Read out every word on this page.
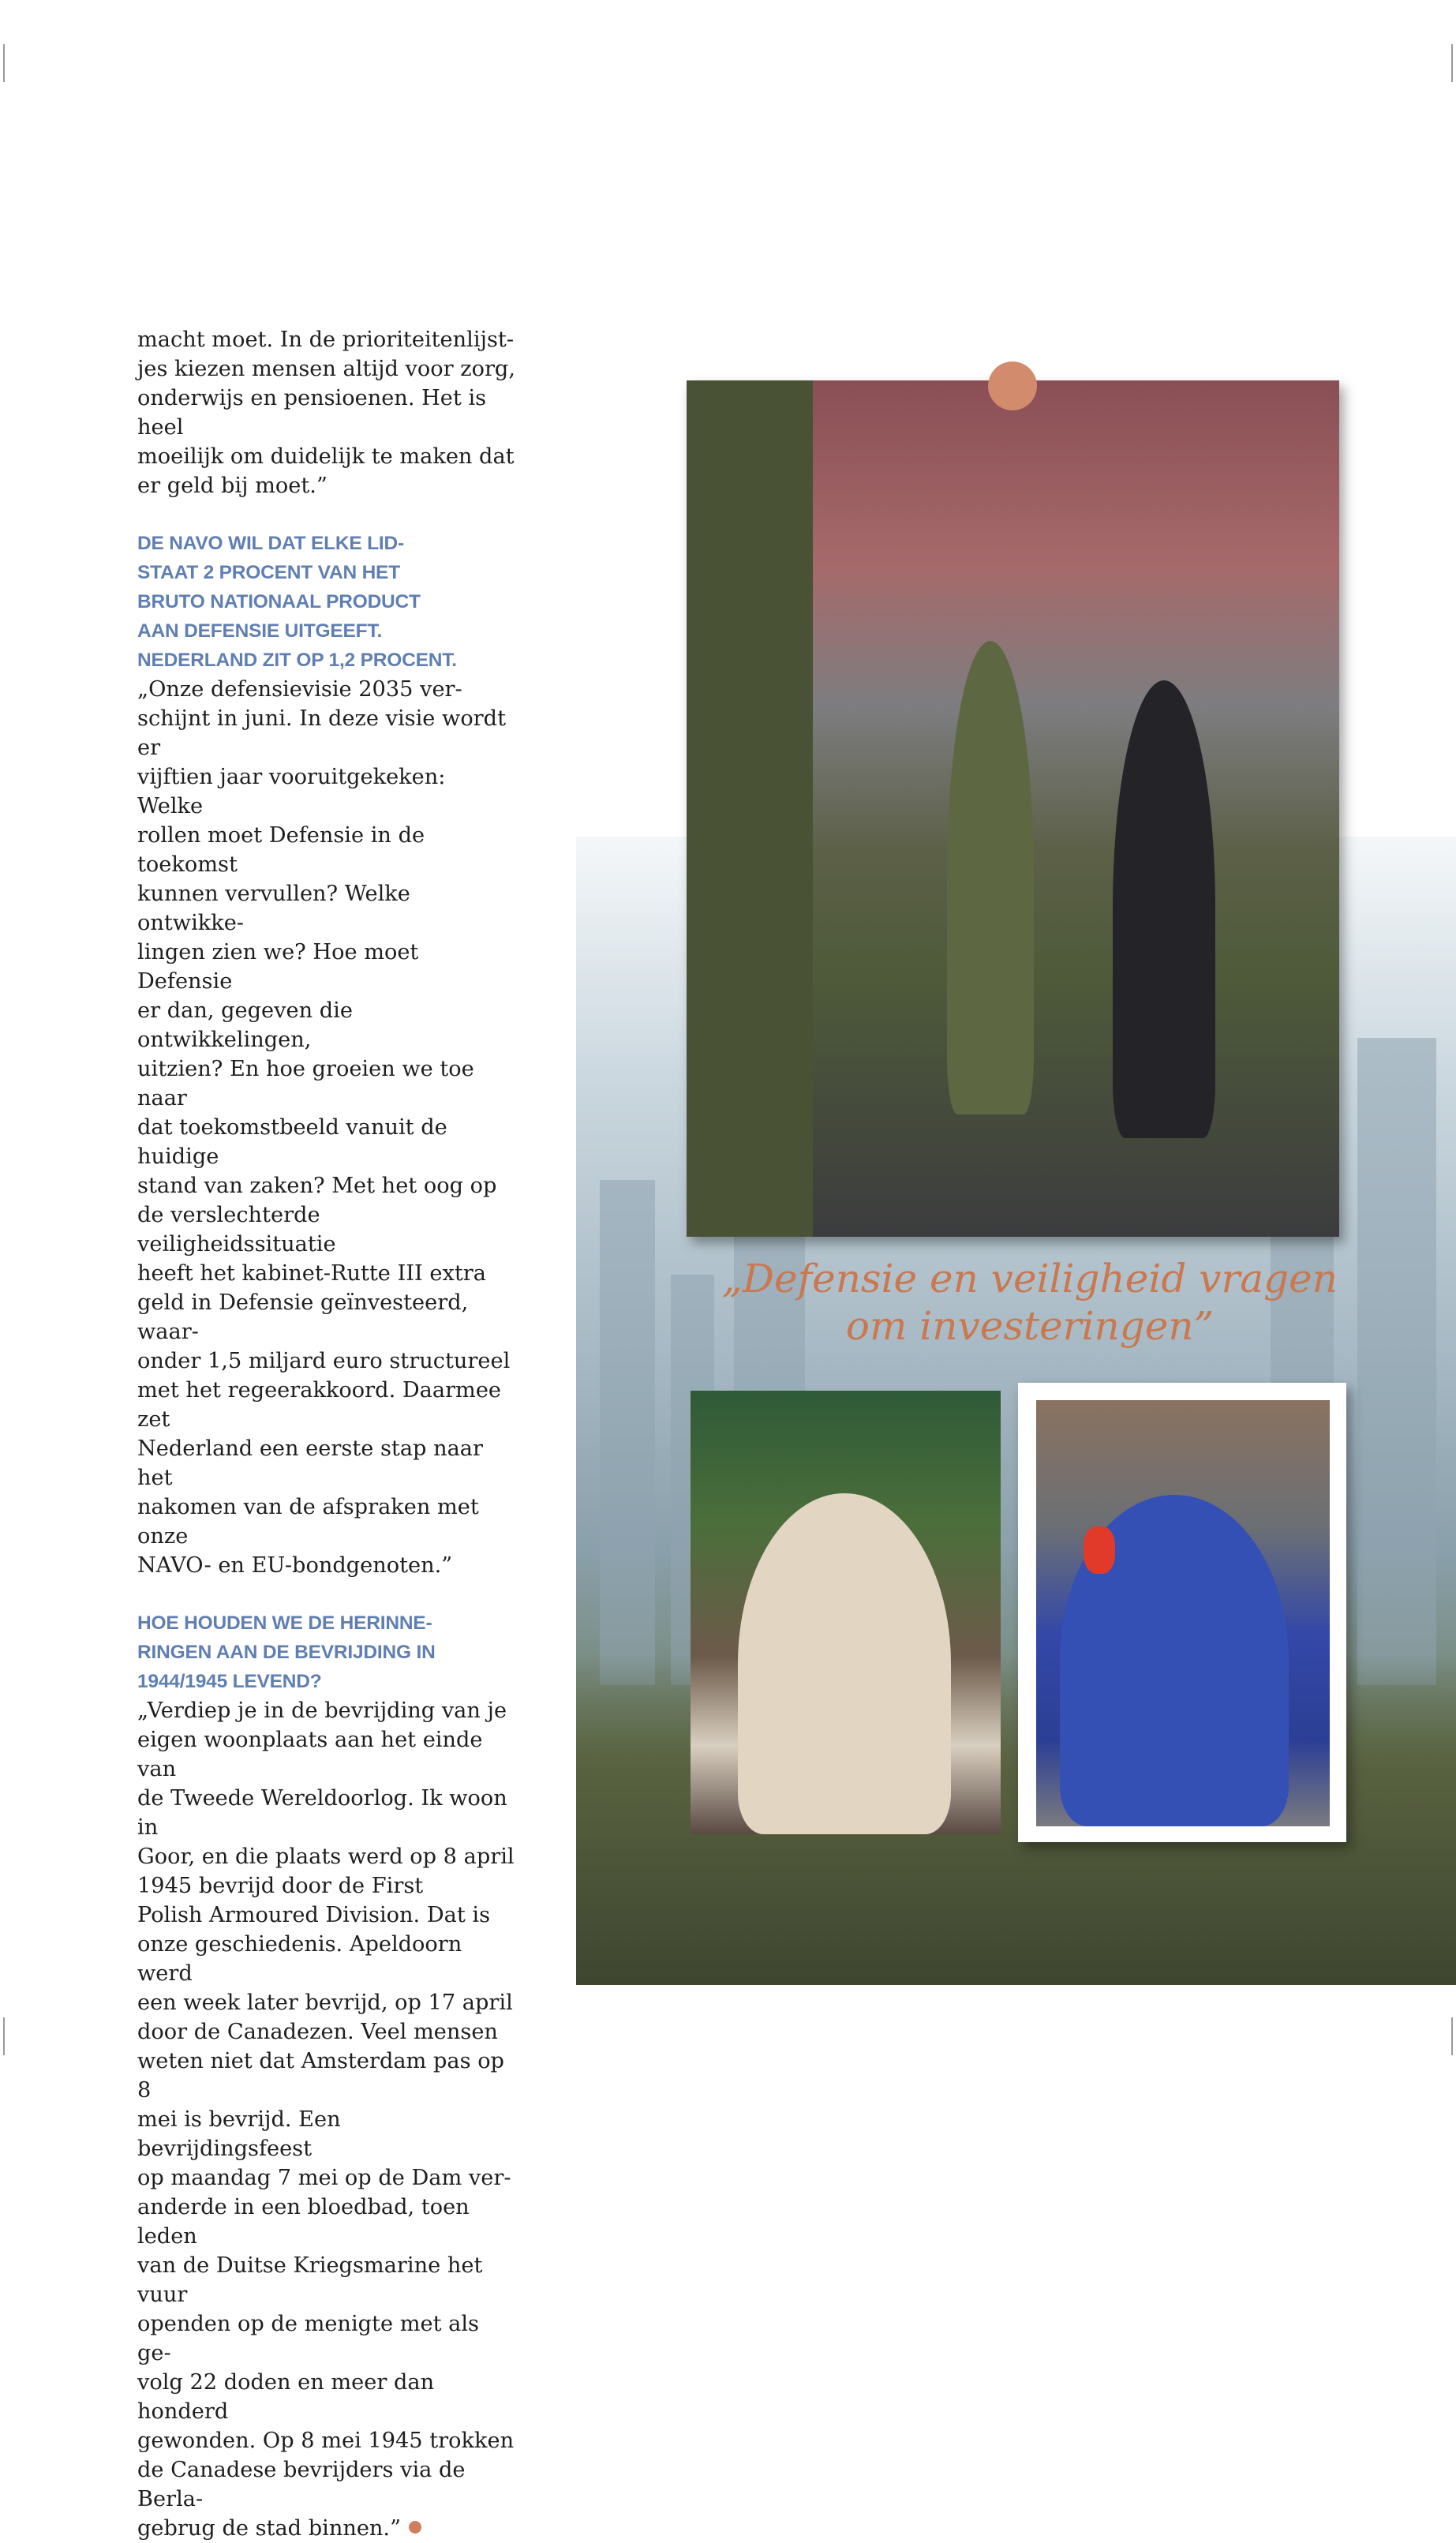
macht moet. In de prioriteitenlijst-

jes kiezen mensen altijd voor zorg,

onderwijs en pensioenen. Het is heel

moeilijk om duidelijk te maken dat

er geld bij moet.”

DE NAVO WIL DAT ELKE LID-
STAAT 2 PROCENT VAN HET
BRUTO NATIONAAL PRODUCT
AAN DEFENSIE UITGEEFT.
NEDERLAND ZIT OP 1,2 PROCENT.

„Onze defensievisie 2035 ver-

schijnt in juni. In deze visie wordt er

vijftien jaar vooruitgekeken: Welke

rollen moet Defensie in de toekomst

kunnen vervullen? Welke ontwikke-

lingen zien we? Hoe moet Defensie

er dan, gegeven die ontwikkelingen,

uitzien? En hoe groeien we toe naar

dat toekomstbeeld vanuit de huidige

stand van zaken? Met het oog op

de verslechterde veiligheidssituatie

heeft het kabinet-Rutte III extra

geld in Defensie geïnvesteerd, waar-

onder 1,5 miljard euro structureel

met het regeerakkoord. Daarmee zet

Nederland een eerste stap naar het

nakomen van de afspraken met onze

NAVO- en EU-bondgenoten.”

HOE HOUDEN WE DE HERINNE-
RINGEN AAN DE BEVRIJDING IN
1944/1945 LEVEND?

„Verdiep je in de bevrijding van je

eigen woonplaats aan het einde van

de Tweede Wereldoorlog. Ik woon in

Goor, en die plaats werd op 8 april

1945 bevrijd door de First

Polish Armoured Division. Dat is

onze geschiedenis. Apeldoorn werd

een week later bevrijd, op 17 april

door de Canadezen. Veel mensen

weten niet dat Amsterdam pas op 8

mei is bevrijd. Een bevrijdingsfeest

op maandag 7 mei op de Dam ver-

anderde in een bloedbad, toen leden

van de Duitse Kriegsmarine het vuur

openden op de menigte met als ge-

volg 22 doden en meer dan honderd

gewonden. Op 8 mei 1945 trokken

de Canadese bevrijders via de Berla-

gebrug de stad binnen.”

„Defensie en veiligheid vragen
om investeringen”
